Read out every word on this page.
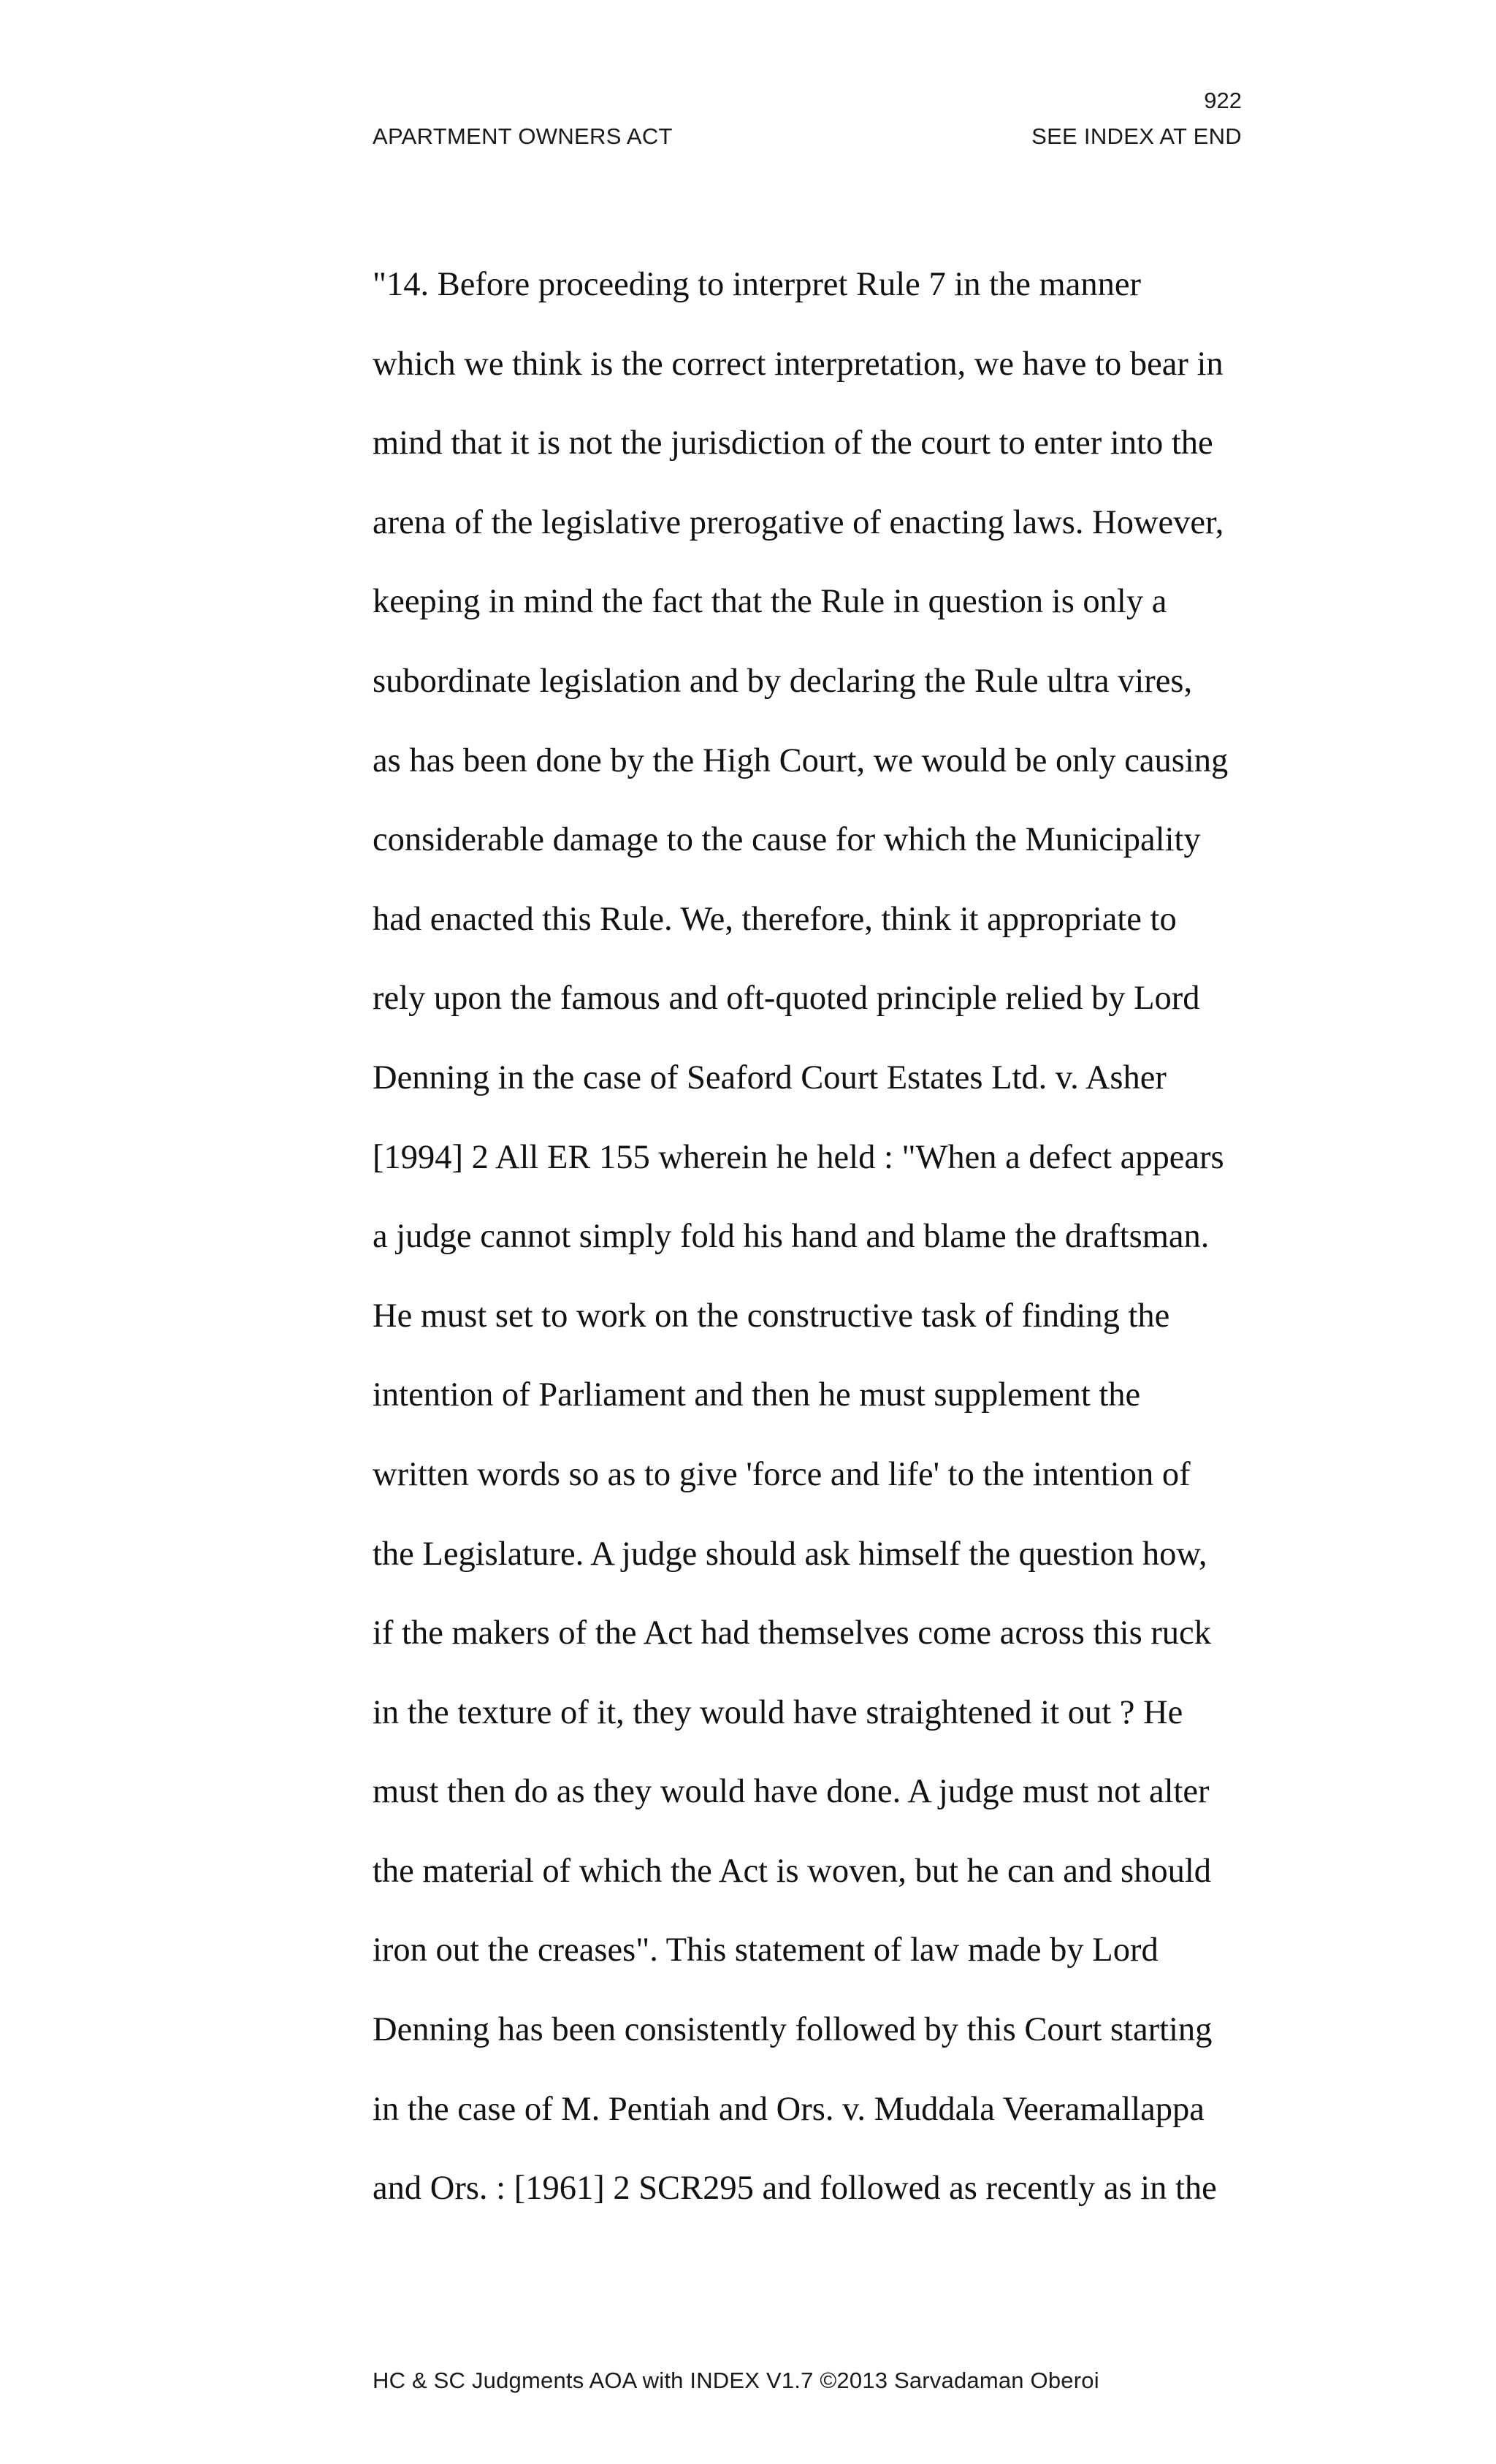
922
APARTMENT OWNERS ACT	SEE INDEX AT END
"14. Before proceeding to interpret Rule 7 in the manner
which we think is the correct interpretation, we have to bear in
mind that it is not the jurisdiction of the court to enter into the
arena of the legislative prerogative of enacting laws. However,
keeping in mind the fact that the Rule in question is only a
subordinate legislation and by declaring the Rule ultra vires,
as has been done by the High Court, we would be only causing
considerable damage to the cause for which the Municipality
had enacted this Rule. We, therefore, think it appropriate to
rely upon the famous and oft-quoted principle relied by Lord
Denning in the case of Seaford Court Estates Ltd. v. Asher
[1994] 2 All ER 155 wherein he held : "When a defect appears
a judge cannot simply fold his hand and blame the draftsman.
He must set to work on the constructive task of finding the
intention of Parliament and then he must supplement the
written words so as to give 'force and life' to the intention of
the Legislature. A judge should ask himself the question how,
if the makers of the Act had themselves come across this ruck
in the texture of it, they would have straightened it out ? He
must then do as they would have done. A judge must not alter
the material of which the Act is woven, but he can and should
iron out the creases". This statement of law made by Lord
Denning has been consistently followed by this Court starting
in the case of M. Pentiah and Ors. v. Muddala Veeramallappa
and Ors. : [1961] 2 SCR295 and followed as recently as in the
HC & SC Judgments AOA with INDEX V1.7 ©2013 Sarvadaman Oberoi
